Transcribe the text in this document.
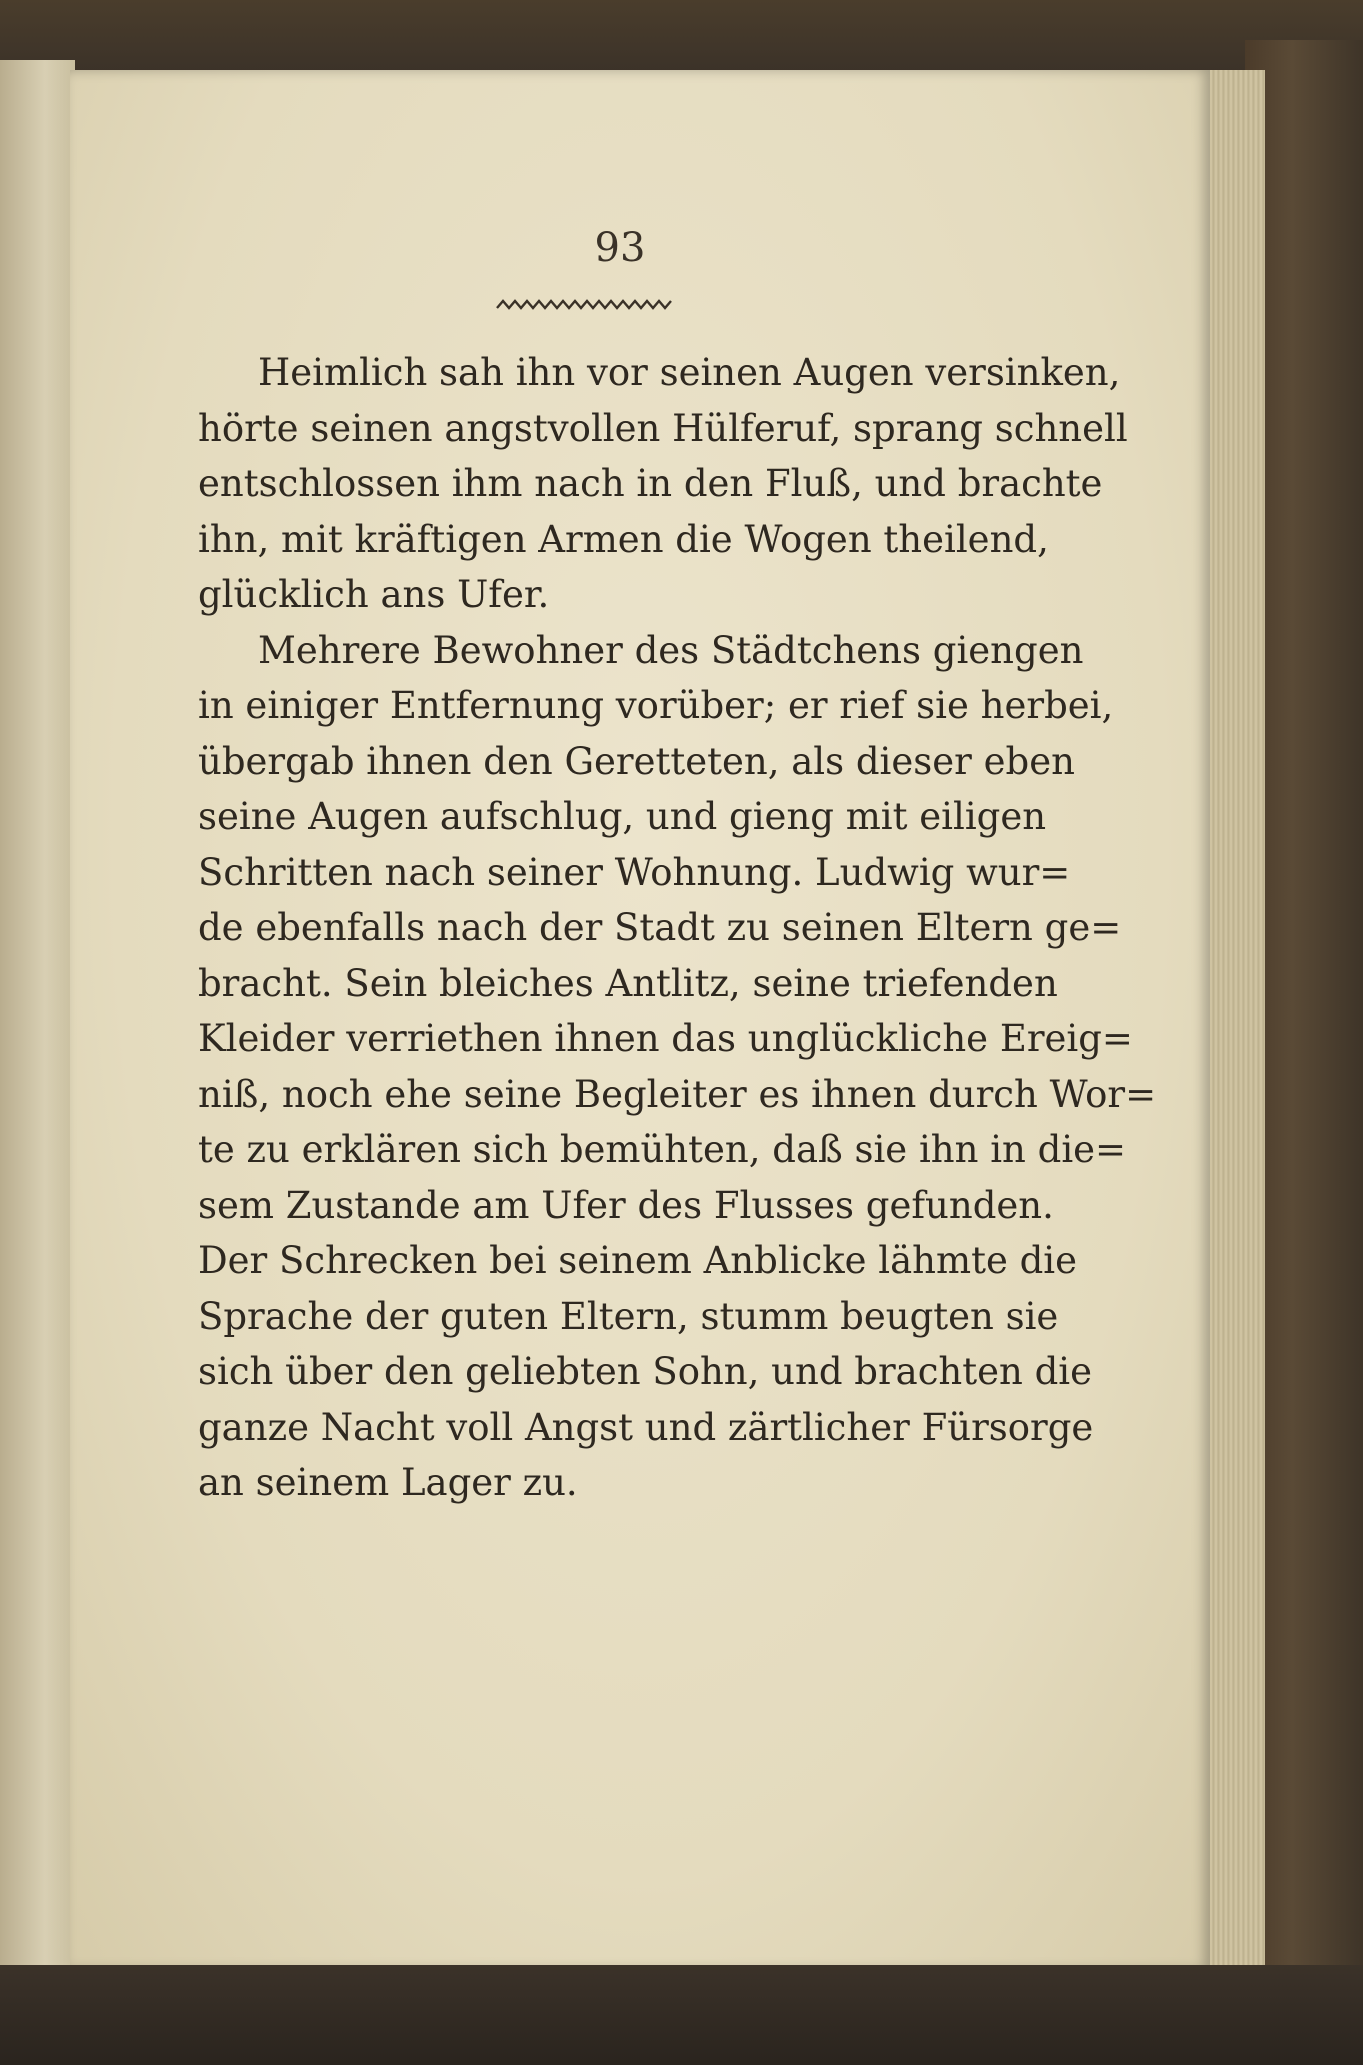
93
Heimlich sah ihn vor seinen Augen versinken,
hörte seinen angstvollen Hülferuf, sprang schnell
entschlossen ihm nach in den Fluß, und brachte
ihn, mit kräftigen Armen die Wogen theilend,
glücklich ans Ufer.
Mehrere Bewohner des Städtchens giengen
in einiger Entfernung vorüber; er rief sie herbei,
übergab ihnen den Geretteten, als dieser eben
seine Augen aufschlug, und gieng mit eiligen
Schritten nach seiner Wohnung. Ludwig wur=
de ebenfalls nach der Stadt zu seinen Eltern ge=
bracht. Sein bleiches Antlitz, seine triefenden
Kleider verriethen ihnen das unglückliche Ereig=
niß, noch ehe seine Begleiter es ihnen durch Wor=
te zu erklären sich bemühten, daß sie ihn in die=
sem Zustande am Ufer des Flusses gefunden.
Der Schrecken bei seinem Anblicke lähmte die
Sprache der guten Eltern, stumm beugten sie
sich über den geliebten Sohn, und brachten die
ganze Nacht voll Angst und zärtlicher Fürsorge
an seinem Lager zu.
